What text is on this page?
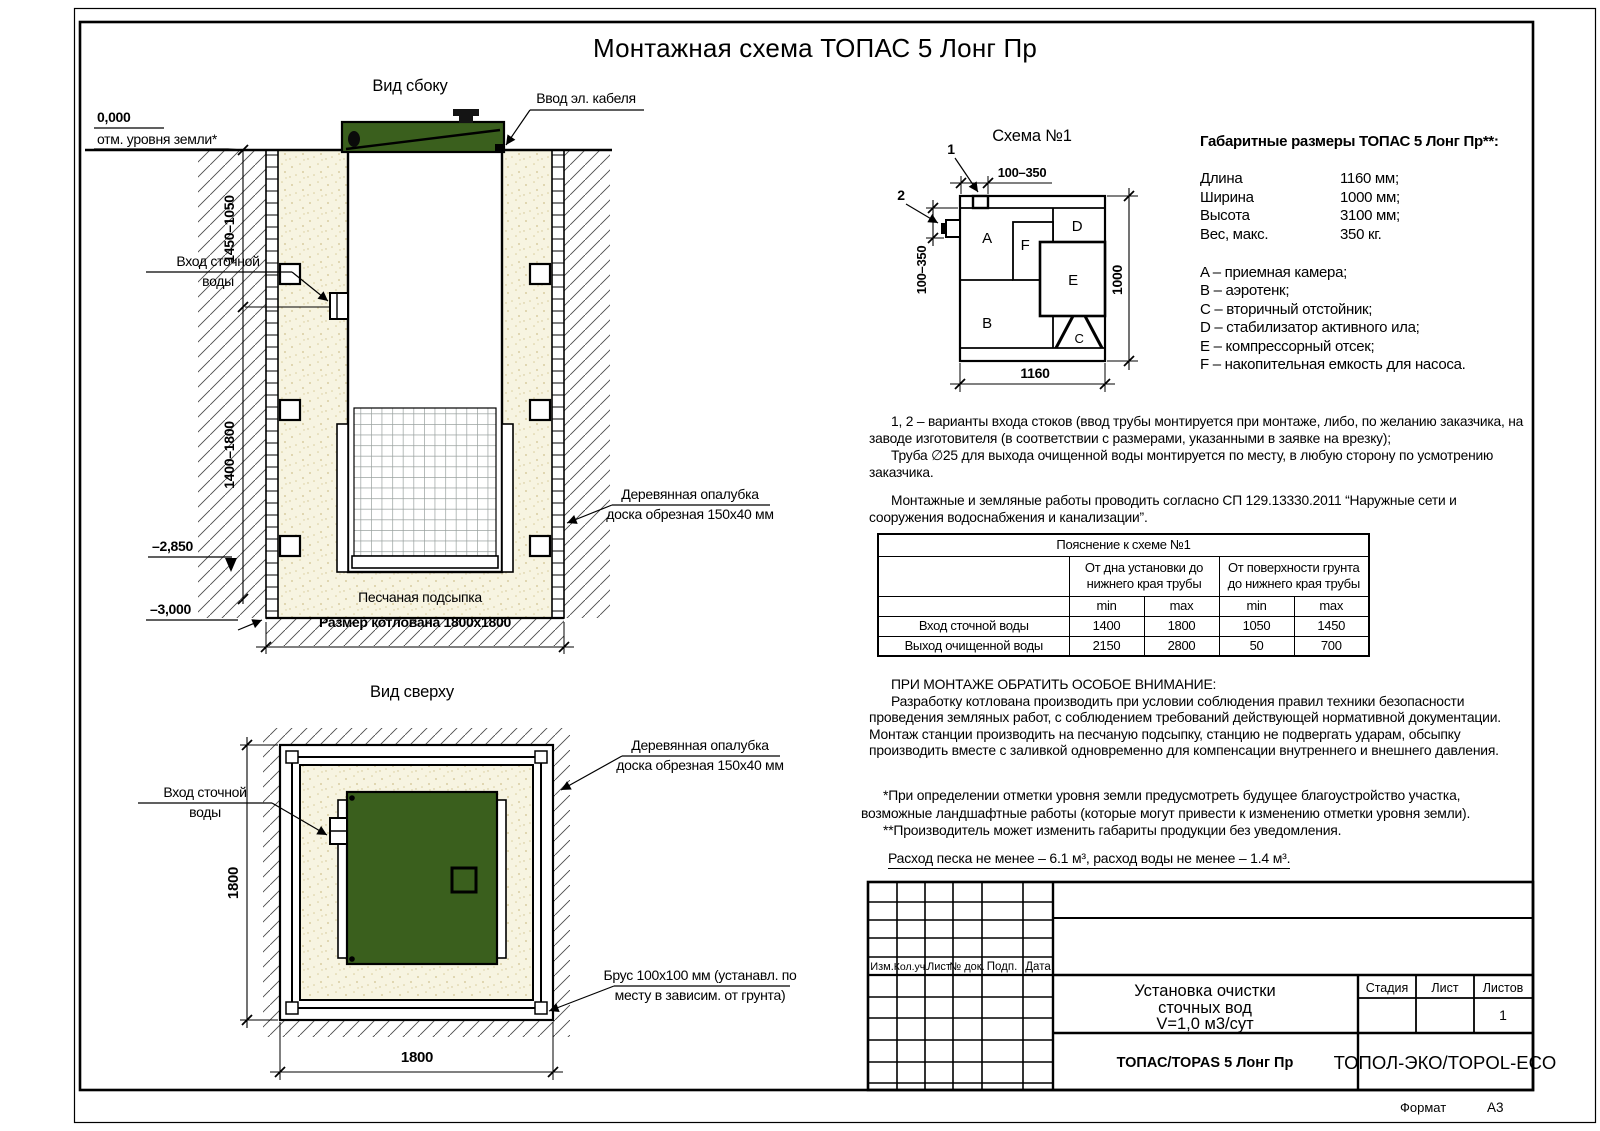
Монтажная схема ТОПАС 5 Лонг Пр
Вид сбоку
Ввод эл. кабеля
0,000
отм. уровня земли*
1450–1050
1400–1800
Вход сточной
воды
–2,850
–3,000
Песчаная подсыпка
Размер котлована 1800х1800
Деревянная опалубка
доска обрезная 150х40 мм
Вид сверху
1800
1800
Вход сточной
воды
Деревянная опалубка
доска обрезная 150х40 мм
Брус 100х100 мм (устанавл. по
месту в зависим. от грунта)
Схема №1
A
B
C
D
E
F
1
2
100–350
100–350
1160
1000
Изм. Кол.уч.
Лист
№ док. Подп. Дата
Установка очистки
сточных вод
V=1,0 м3/сут
Стадия Лист Листов
1
ТОПАС/TOPAS 5 Лонг Пр ТОПОЛ-ЭКО/TOPOL-ECO
Формат	А3
Габаритные размеры ТОПАС 5 Лонг Пр**:
Длина	1160 мм;
Ширина	1000 мм;
Высота	3100 мм;
Вес, макс.	350 кг.
A – приемная камера;
B – аэротенк;
C – вторичный отстойник;
D – стабилизатор активного ила;
E – компрессорный отсек;
F – накопительная емкость для насоса.

1, 2 – варианты входа стоков (ввод трубы монтируется при монтаже, либо, по желанию заказчика, на заводе изготовителя (в соответствии с размерами, указанными в заявке на врезку);

Труба ∅25 для выхода очищенной воды монтируется по месту, в любую сторону по усмотрению заказчика.

Монтажные и земляные работы проводить согласно СП 129.13330.2011 “Наружные сети и сооружения водоснабжения и канализации”.

Пояснение к схеме №1				
	От дна установки до нижнего края трубы		От поверхности грунта до нижнего края трубы	
	min	max	min	max
Вход сточной воды	1400	1800	1050	1450
Выход очищенной воды	2150	2800	50	700

ПРИ МОНТАЖЕ ОБРАТИТЬ ОСОБОЕ ВНИМАНИЕ:

Разработку котлована производить при условии соблюдения правил техники безопасности проведения земляных работ, с соблюдением требований действующей нормативной документации. Монтаж станции производить на песчаную подсыпку, станцию не подвергать ударам, обсыпку производить вместе с заливкой одновременно для компенсации внутреннего и внешнего давления.

*При определении отметки уровня земли предусмотреть будущее благоустройство участка, возможные ландшафтные работы (которые могут привести к изменению отметки уровня земли).

**Производитель может изменить габариты продукции без уведомления.

Расход песка не менее – 6.1 м³, расход воды не менее – 1.4 м³.
